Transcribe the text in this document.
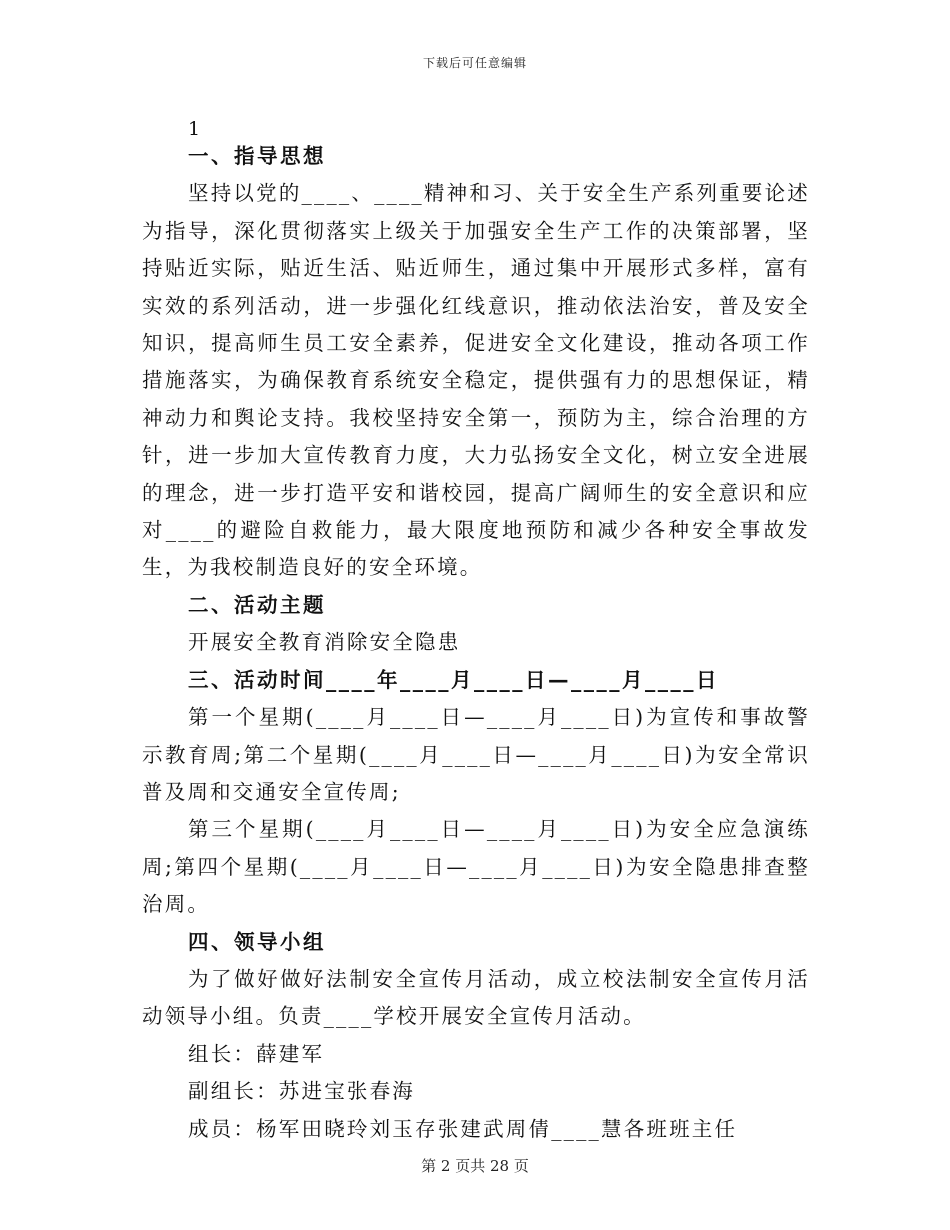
下载后可任意编辑
1

一、指导思想

坚持以党的____、____精神和习、关于安全生产系列重要论述为指导，深化贯彻落实上级关于加强安全生产工作的决策部署，坚持贴近实际，贴近生活、贴近师生，通过集中开展形式多样，富有实效的系列活动，进一步强化红线意识，推动依法治安，普及安全知识，提高师生员工安全素养，促进安全文化建设，推动各项工作措施落实，为确保教育系统安全稳定，提供强有力的思想保证，精神动力和舆论支持。我校坚持安全第一，预防为主，综合治理的方针，进一步加大宣传教育力度，大力弘扬安全文化，树立安全进展的理念，进一步打造平安和谐校园，提高广阔师生的安全意识和应对____的避险自救能力，最大限度地预防和减少各种安全事故发生，为我校制造良好的安全环境。

二、活动主题

开展安全教育消除安全隐患

三、活动时间____年____月____日—____月____日

第一个星期(____月____日—____月____日)为宣传和事故警示教育周;第二个星期(____月____日—____月____日)为安全常识普及周和交通安全宣传周;

第三个星期(____月____日—____月____日)为安全应急演练周;第四个星期(____月____日—____月____日)为安全隐患排查整治周。

四、领导小组

为了做好做好法制安全宣传月活动，成立校法制安全宣传月活动领导小组。负责____学校开展安全宣传月活动。

组长：薛建军

副组长：苏进宝张春海

成员：杨军田晓玲刘玉存张建武周倩____慧各班班主任

第 2 页共 28 页
